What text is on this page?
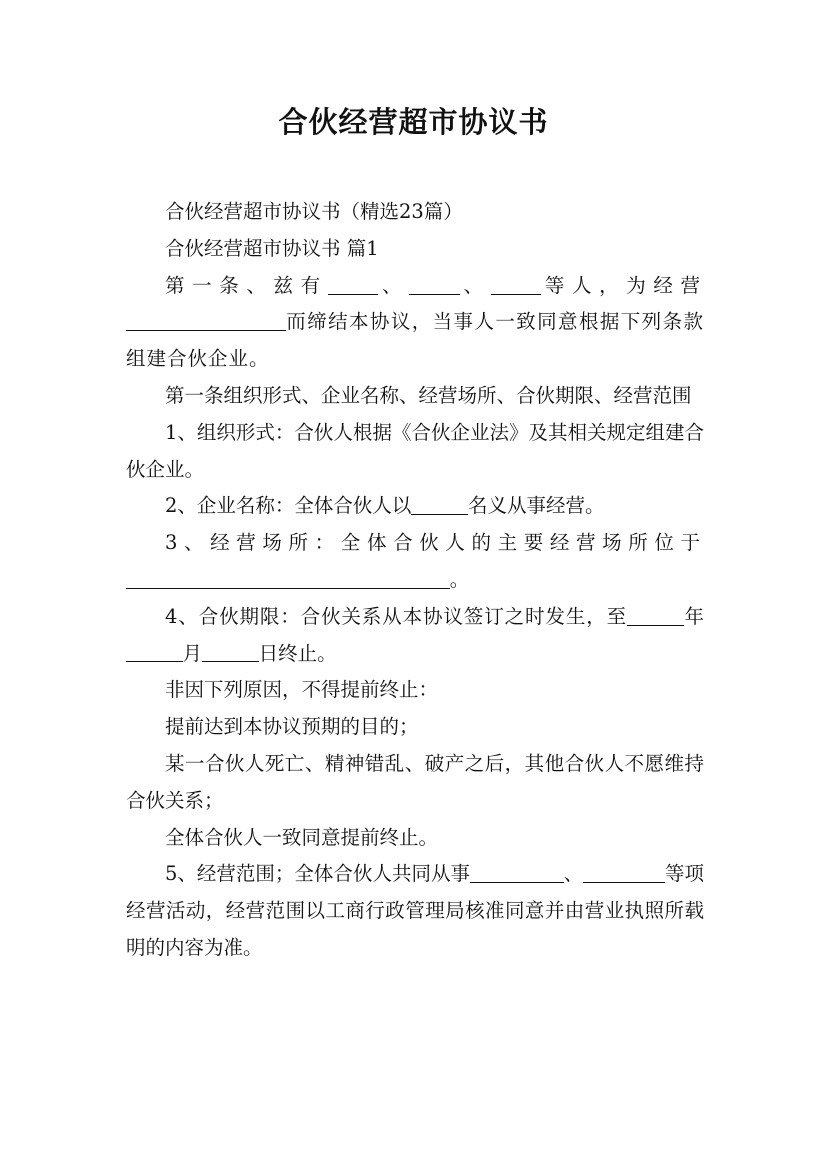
合伙经营超市协议书

合伙经营超市协议书（精选23篇）

合伙经营超市协议书 篇1

第一条、兹有	、	、	等人，为经营而缔结本协议，当事人一致同意根据下列条款组建合伙企业。

第一条组织形式、企业名称、经营场所、合伙期限、经营范围

1、组织形式：合伙人根据《合伙企业法》及其相关规定组建合伙企业。

2、企业名称：全体合伙人以	名义从事经营。

3、经营场所：全体合伙人的主要经营场所位于。

4、合伙期限：合伙关系从本协议签订之时发生，至	年月	日终止。

非因下列原因，不得提前终止：

提前达到本协议预期的目的；

某一合伙人死亡、精神错乱、破产之后，其他合伙人不愿维持合伙关系；

全体合伙人一致同意提前终止。

5、经营范围；全体合伙人共同从事	、	等项经营活动，经营范围以工商行政管理局核准同意并由营业执照所载明的内容为准。
